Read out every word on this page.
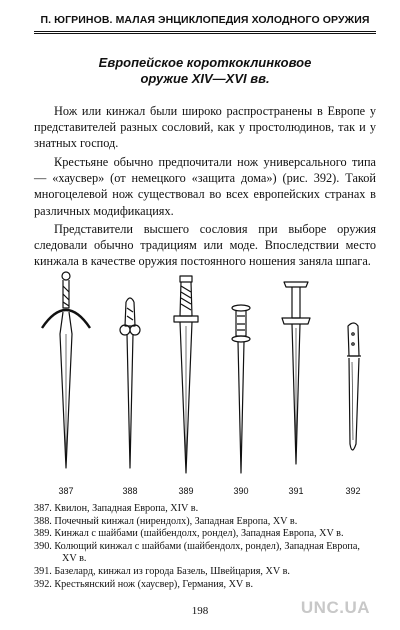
П. ЮГРИНОВ. МАЛАЯ ЭНЦИКЛОПЕДИЯ ХОЛОДНОГО ОРУЖИЯ
Европейское короткоклинковое
оружие XIV—XVI вв.

Нож или кинжал были широко распространены в Европе у представителей разных сословий, как у простолюдинов, так и у знатных господ.

Крестьяне обычно предпочитали нож универсального типа — «хаусвер» (от немецкого «защита дома») (рис. 392). Такой многоцелевой нож существовал во всех европейских странах в различных модификациях.

Представители высшего сословия при выборе оружия следовали обычно традициям или моде. Впоследствии место кинжала в качестве оружия постоянного ношения заняла шпага.

387	388	389	390	391	392
387. Квилон, Западная Европа, XIV в.
388. Почечный кинжал (нирендолх), Западная Европа, XV в.
389. Кинжал с шайбами (шайбендолх, рондел), Западная Европа, XV в.
390. Колющий кинжал с шайбами (шайбендолх, рондел), Западная Европа, XV в.
391. Базелард, кинжал из города Базель, Швейцария, XV в.
392. Крестьянский нож (хаусвер), Германия, XV в.
198	UNC.UA
